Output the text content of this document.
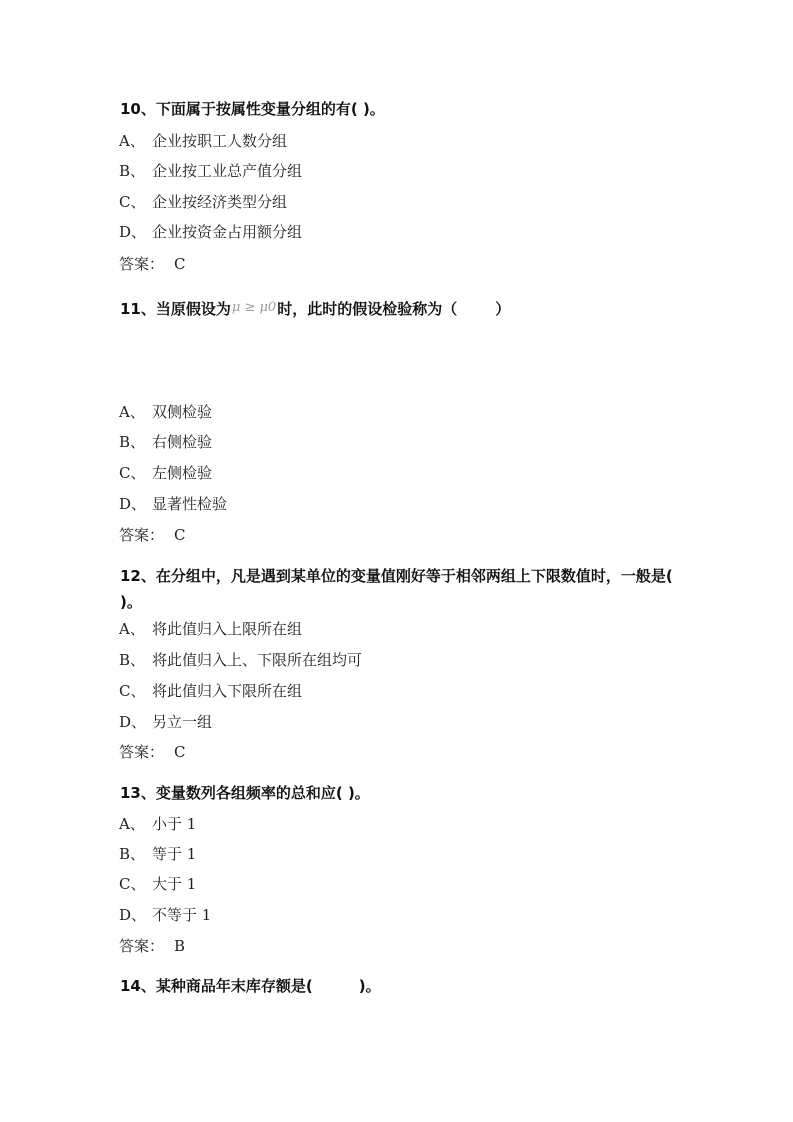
10、下面属于按属性变量分组的有( )。
A、 企业按职工人数分组
B、 企业按工业总产值分组
C、 企业按经济类型分组
D、 企业按资金占用额分组
答案： C
11、当原假设为μ ≥ μ0时，此时的假设检验称为（	）
A、 双侧检验
B、 右侧检验
C、 左侧检验
D、 显著性检验
答案： C
12、在分组中，凡是遇到某单位的变量值刚好等于相邻两组上下限数值时，一般是( )。
A、 将此值归入上限所在组
B、 将此值归入上、下限所在组均可
C、 将此值归入下限所在组
D、 另立一组
答案： C
13、变量数列各组频率的总和应( )。
A、 小于 1
B、 等于 1
C、 大于 1
D、 不等于 1
答案： B
14、某种商品年末库存额是(	)。
